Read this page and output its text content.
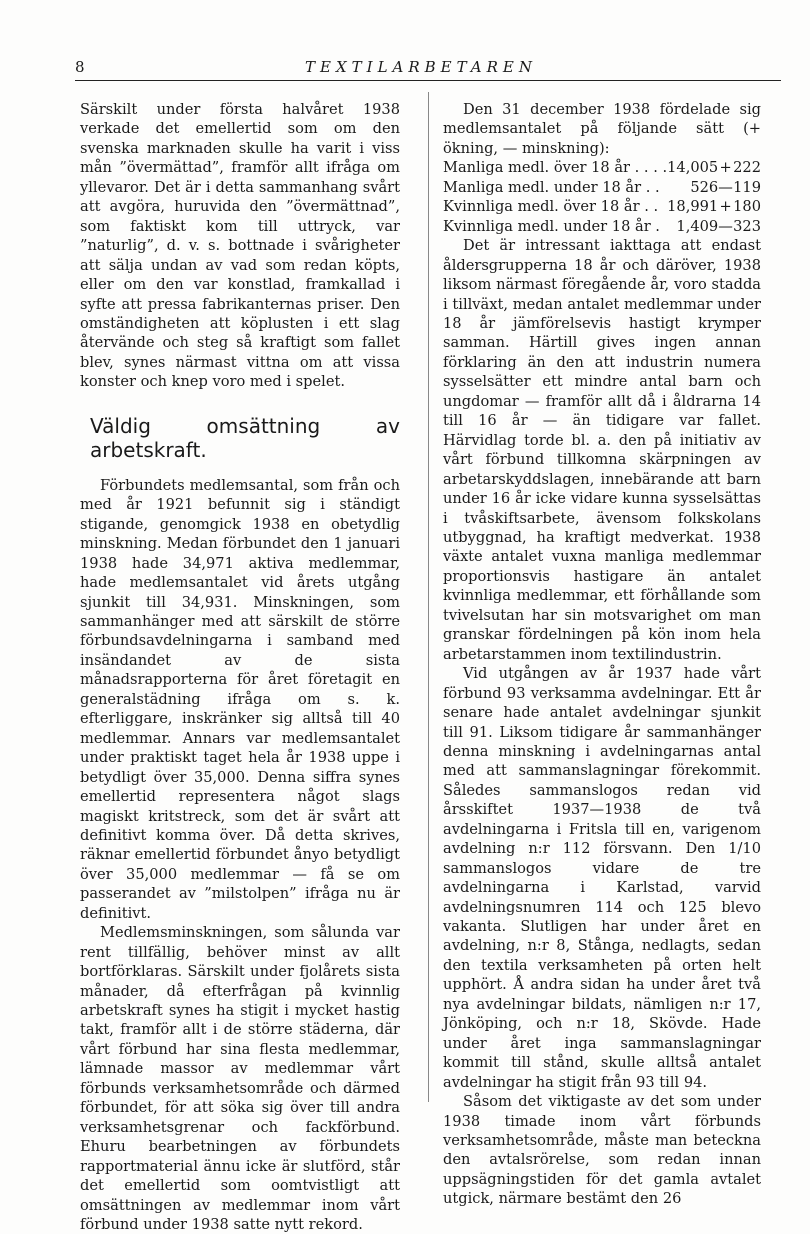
8	TEXTILARBETAREN

Särskilt under första halvåret 1938 verkade det emellertid som om den svenska marknaden skulle ha varit i viss mån ”övermättad”, framför allt ifråga om yllevaror. Det är i detta sammanhang svårt att avgöra, huruvida den ”övermättnad”, som faktiskt kom till uttryck, var ”naturlig”, d. v. s. bottnade i svårigheter att sälja undan av vad som redan köpts, eller om den var konstlad, framkallad i syfte att pressa fabrikanternas priser. Den omständigheten att köplusten i ett slag återvände och steg så kraftigt som fallet blev, synes närmast vittna om att vissa konster och knep voro med i spelet.

Väldig omsättning av arbetskraft.

Förbundets medlemsantal, som från och med år 1921 befunnit sig i ständigt stigande, genomgick 1938 en obetydlig minskning. Medan förbundet den 1 januari 1938 hade 34,971 aktiva medlemmar, hade medlemsantalet vid årets utgång sjunkit till 34,931. Minskningen, som sammanhänger med att särskilt de större förbundsavdelningarna i samband med insändandet av de sista månadsrapporterna för året företagit en generalstädning ifråga om s. k. efterliggare, inskränker sig alltså till 40 medlemmar. Annars var medlemsantalet under praktiskt taget hela år 1938 uppe i betydligt över 35,000. Denna siffra synes emellertid representera något slags magiskt kritstreck, som det är svårt att definitivt komma över. Då detta skrives, räknar emellertid förbundet ånyo betydligt över 35,000 medlemmar — få se om passerandet av ”milstolpen” ifråga nu är definitivt.

Medlemsminskningen, som sålunda var rent tillfällig, behöver minst av allt bortförklaras. Särskilt under fjolårets sista månader, då efterfrågan på kvinnlig arbetskraft synes ha stigit i mycket hastig takt, framför allt i de större städerna, där vårt förbund har sina flesta medlemmar, lämnade massor av medlemmar vårt förbunds verksamhetsområde och därmed förbundet, för att söka sig över till andra verksamhetsgrenar och fackförbund. Ehuru bearbetningen av förbundets rapportmaterial ännu icke är slutförd, står det emellertid som oomtvistligt att omsättningen av medlemmar inom vårt förbund under 1938 satte nytt rekord.

Den 31 december 1938 fördelade sig medlemsantalet på följande sätt (+ ökning, — minskning):

Manliga medl. över 18 år . . . .	14,005	+	222
Manliga medl. under 18 år . .	526	—	119
Kvinnliga medl. över 18 år . .	18,991	+	180
Kvinnliga medl. under 18 år .	1,409	—	323

Det är intressant iakttaga att endast åldersgrupperna 18 år och däröver, 1938 liksom närmast föregående år, voro stadda i tillväxt, medan antalet medlemmar under 18 år jämförelsevis hastigt krymper samman. Härtill gives ingen annan förklaring än den att industrin numera sysselsätter ett mindre antal barn och ungdomar — framför allt då i åldrarna 14 till 16 år — än tidigare var fallet. Härvidlag torde bl. a. den på initiativ av vårt förbund tillkomna skärpningen av arbetarskyddslagen, innebärande att barn under 16 år icke vidare kunna sysselsättas i tvåskiftsarbete, ävensom folkskolans utbyggnad, ha kraftigt medverkat. 1938 växte antalet vuxna manliga medlemmar proportionsvis hastigare än antalet kvinnliga medlemmar, ett förhållande som tvivelsutan har sin motsvarighet om man granskar fördelningen på kön inom hela arbetarstammen inom textilindustrin.

Vid utgången av år 1937 hade vårt förbund 93 verksamma avdelningar. Ett år senare hade antalet avdelningar sjunkit till 91. Liksom tidigare år sammanhänger denna minskning i avdelningarnas antal med att sammanslagningar förekommit. Således sammanslogos redan vid årsskiftet 1937—1938 de två avdelningarna i Fritsla till en, varigenom avdelning n:r 112 försvann. Den 1/10 sammanslogos vidare de tre avdelningarna i Karlstad, varvid avdelningsnumren 114 och 125 blevo vakanta. Slutligen har under året en avdelning, n:r 8, Stånga, nedlagts, sedan den textila verksamheten på orten helt upphört. Å andra sidan ha under året två nya avdelningar bildats, nämligen n:r 17, Jönköping, och n:r 18, Skövde. Hade under året inga sammanslagningar kommit till stånd, skulle alltså antalet avdelningar ha stigit från 93 till 94.

Såsom det viktigaste av det som under 1938 timade inom vårt förbunds verksamhetsområde, måste man beteckna den avtalsrörelse, som redan innan uppsägningstiden för det gamla avtalet utgick, närmare bestämt den 26
